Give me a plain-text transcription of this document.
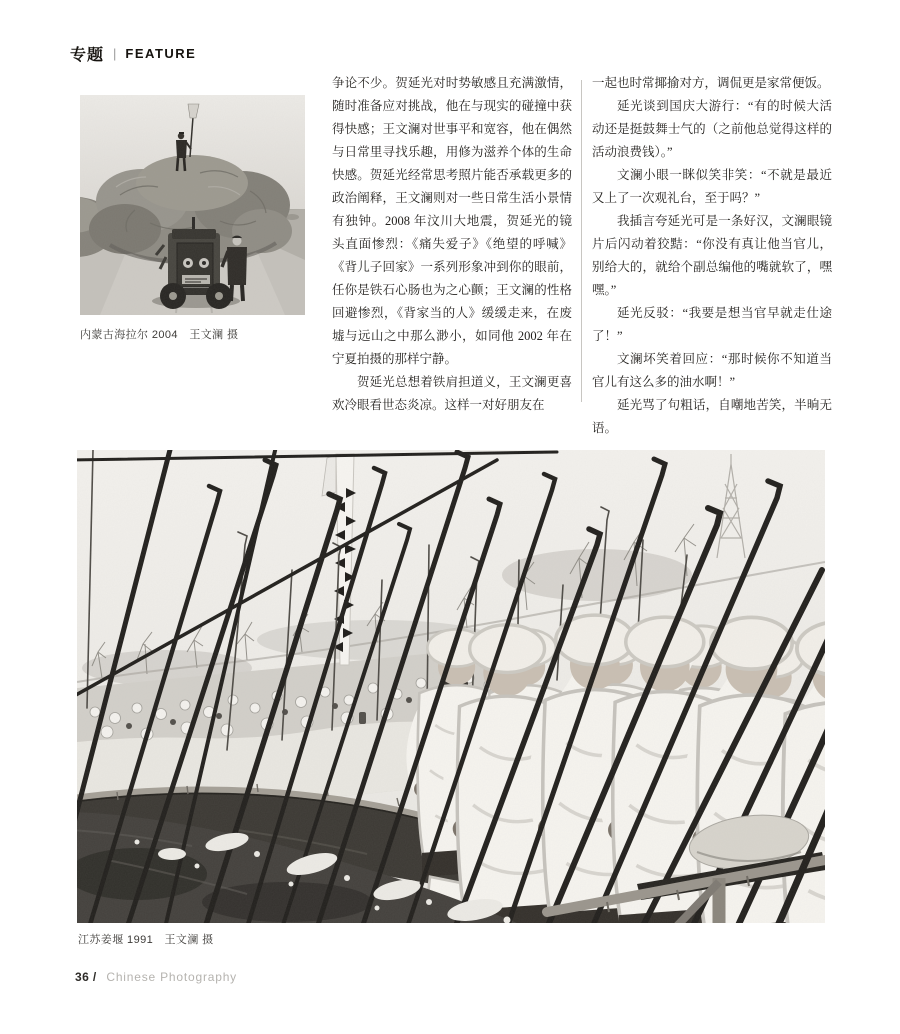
专题 | FEATURE
内蒙古海拉尔 2004　王文澜 摄

争论不少。贺延光对时势敏感且充满激情，随时准备应对挑战，他在与现实的碰撞中获得快感；王文澜对世事平和宽容，他在偶然与日常里寻找乐趣，用修为滋养个体的生命快感。贺延光经常思考照片能否承载更多的政治阐释，王文澜则对一些日常生活小景情有独钟。2008 年汶川大地震，贺延光的镜头直面惨烈：《痛失爱子》《绝望的呼喊》《背儿子回家》一系列形象冲到你的眼前，任你是铁石心肠也为之心颤；王文澜的性格回避惨烈，《背家当的人》缓缓走来，在废墟与远山之中那么渺小，如同他 2002 年在宁夏拍摄的那样宁静。

贺延光总想着铁肩担道义，王文澜更喜欢冷眼看世态炎凉。这样一对好朋友在

一起也时常揶揄对方，调侃更是家常便饭。

延光谈到国庆大游行：“有的时候大活动还是挺鼓舞士气的（之前他总觉得这样的活动浪费钱）。”

文澜小眼一眯似笑非笑：“不就是最近又上了一次观礼台，至于吗？”

我插言夸延光可是一条好汉，文澜眼镜片后闪动着狡黠：“你没有真让他当官儿，别给大的，就给个副总编他的嘴就软了，嘿嘿。”

延光反驳：“我要是想当官早就走仕途了！”

文澜坏笑着回应：“那时候你不知道当官儿有这么多的油水啊！”

延光骂了句粗话，自嘲地苦笑，半晌无语。

江苏姜堰 1991　王文澜 摄
36 / Chinese Photography
